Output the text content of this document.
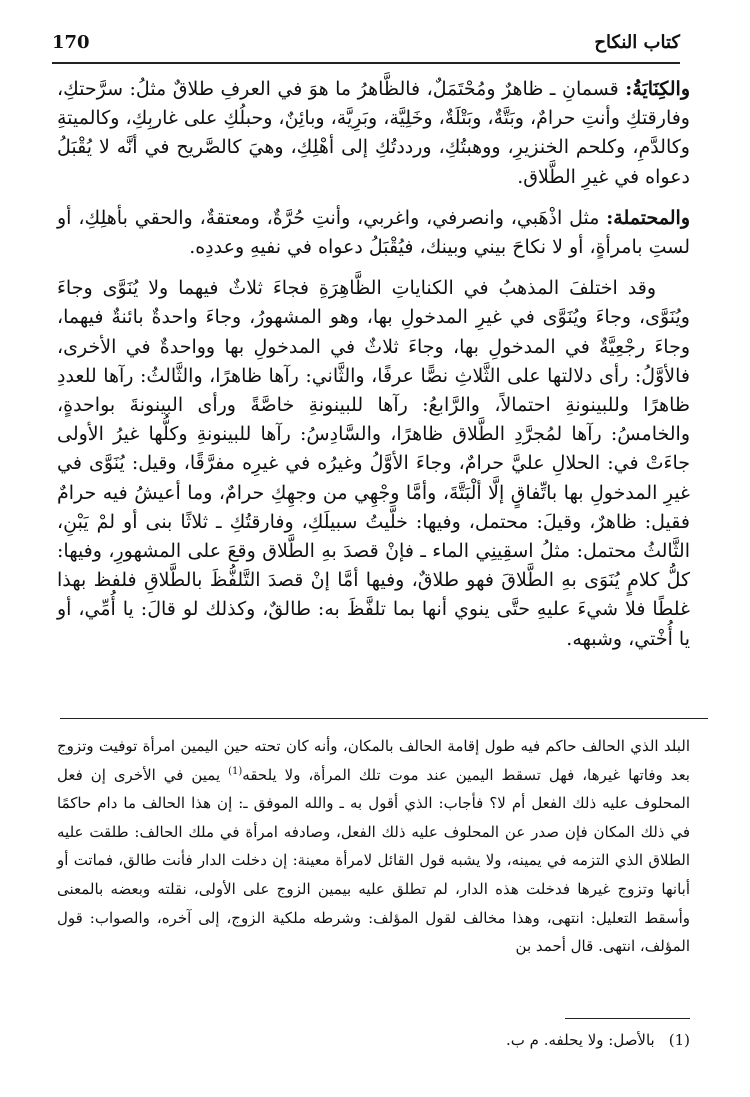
170	كتاب النكاح

والكِنَايَةُ: قسمانِ ـ ظاهرٌ ومُحْتَمَلٌ، فالظَّاهرُ ما هوَ في العرفِ طلاقٌ مثلُ: سرَّحتكِ، وفارقتكِ وأنتِ حرامٌ، وبَتَّةٌ، وبَتْلَةٌ، وخَلِيَّة، وبَرِيَّة، وبائِنٌ، وحبلُكِ على غاربِكِ، وكالميتةِ وكالدَّمِ، وكلحم الخنزيرِ، ووهبتُكِ، ورددتُكِ إلى أهْلِكِ، وهيَ كالصَّريح في أنَّه لا يُقْبَلُ دعواه في غيرِ الطَّلاق.

والمحتملة: مثل اذْهَبي، وانصرفي، واغربي، وأنتِ حُرَّةٌ، ومعتقةٌ، والحقي بأهلِكِ، أو لستِ بامرأةٍ، أو لا نكاحَ بيني وبينك، فيُقْبَلُ دعواه في نفيهِ وعددِه.

وقد اختلفَ المذهبُ في الكناياتِ الظَّاهِرَةِ فجاءَ ثلاثٌ فيهما ولا يُنَوَّى وجاءَ ويُنَوَّى، وجاءَ ويُنَوَّى في غيرِ المدخولِ بها، وهو المشهورُ، وجاءَ واحدةٌ بائنةٌ فيهما، وجاءَ رجْعِيَّةٌ في المدخولِ بها، وجاءَ ثلاثٌ في المدخولِ بها وواحدةٌ في الأخرى، فالأوَّلُ: رأى دلالتها على الثَّلاثِ نصًّا عرفًا، والثَّاني: رآها ظاهرًا، والثَّالثُ: رآها للعددِ ظاهرًا وللبينونةِ احتمالاً، والرَّابعُ: رآها للبينونةِ خاصَّةً ورأى البينونةَ بواحدةٍ، والخامسُ: رآها لمُجرَّدِ الطَّلاق ظاهرًا، والسَّادِسُ: رآها للبينونةِ وكلُّها غيرُ الأولى جاءَتْ في: الحلالِ عليَّ حرامٌ، وجاءَ الأوَّلُ وغيرُه في غيرِه مفرَّقًا، وقيل: يُنَوَّى في غيرِ المدخولِ بها باتِّفاقٍ إلَّا ألْبَتَّةَ، وأمَّا وجْهِي من وجهِكِ حرامٌ، وما أعيشُ فيه حرامٌ فقيل: ظاهرٌ، وقيلَ: محتمل، وفيها: خلَّيتُ سبيلَكِ، وفارقتُكِ ـ ثلاثًا بنى أو لمْ يَبْنِ، الثَّالثُ محتمل: مثلُ اسقِينِي الماء ـ فإنْ قصدَ بهِ الطَّلاق وقعَ على المشهورِ، وفيها: كلُّ كلامٍ يُنَوَى بهِ الطَّلاقَ فهو طلاقٌ، وفيها أمَّا إنْ قصدَ التَّلفُّظَ بالطَّلاقِ فلفظ بهذا غلطًا فلا شيءَ عليهِ حتَّى ينوي أنها بما تلفَّظَ به: طالقٌ، وكذلك لو قالَ: يا أُمِّي، أو يا أُخْتي، وشبهه.

البلد الذي الحالف حاكم فيه طول إقامة الحالف بالمكان، وأنه كان تحته حين اليمين امرأة توفيت وتزوج بعد وفاتها غيرها، فهل تسقط اليمين عند موت تلك المرأة، ولا يلحقه$^{(1)}$ يمين في الأخرى إن فعل المحلوف عليه ذلك الفعل أم لا؟ فأجاب: الذي أقول به ـ والله الموفق ـ: إن هذا الحالف ما دام حاكمًا في ذلك المكان فإن صدر عن المحلوف عليه ذلك الفعل، وصادفه امرأة في ملك الحالف: طلقت عليه الطلاق الذي التزمه في يمينه، ولا يشبه قول القائل لامرأة معينة: إن دخلت الدار فأنت طالق، فماتت أو أبانها وتزوج غيرها فدخلت هذه الدار، لم تطلق عليه بيمين الزوج على الأولى، نقلته وبعضه بالمعنى وأسقط التعليل: انتهى، وهذا مخالف لقول المؤلف: وشرطه ملكية الزوج، إلى آخره، والصواب: قول المؤلف، انتهى. قال أحمد بن

(1)بالأصل: ولا يحلفه. م ب.
